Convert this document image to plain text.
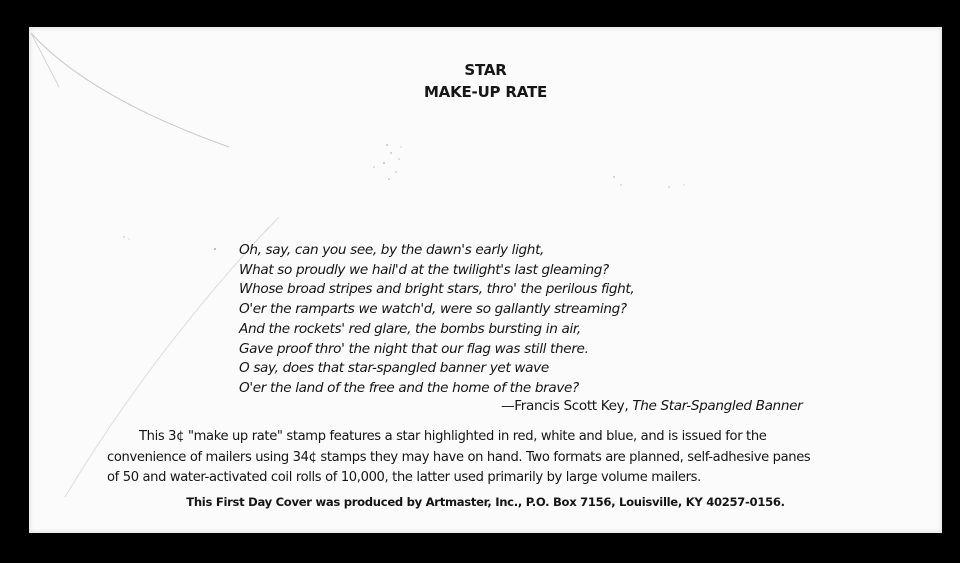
STAR
MAKE-UP RATE
Oh, say, can you see, by the dawn's early light,
What so proudly we hail'd at the twilight's last gleaming?
Whose broad stripes and bright stars, thro' the perilous fight,
O'er the ramparts we watch'd, were so gallantly streaming?
And the rockets' red glare, the bombs bursting in air,
Gave proof thro' the night that our flag was still there.
O say, does that star-spangled banner yet wave
O'er the land of the free and the home of the brave?
—Francis Scott Key, The Star-Spangled Banner
This 3¢ "make up rate" stamp features a star highlighted in red, white and blue, and is issued for the
convenience of mailers using 34¢ stamps they may have on hand. Two formats are planned, self-adhesive panes
of 50 and water-activated coil rolls of 10,000, the latter used primarily by large volume mailers.
This First Day Cover was produced by Artmaster, Inc., P.O. Box 7156, Louisville, KY 40257-0156.
